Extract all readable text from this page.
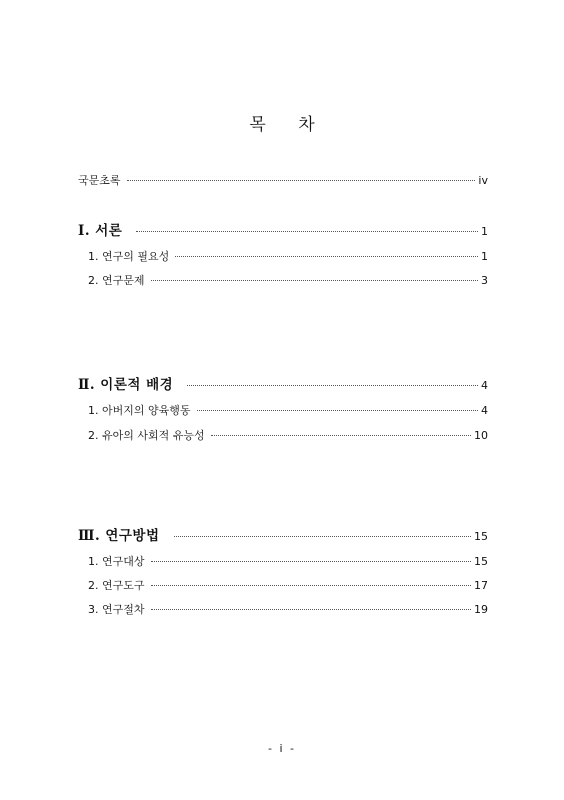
목      차
국문초록	iv
Ⅰ. 서론	1
1. 연구의 필요성	1
2. 연구문제	3
Ⅱ. 이론적 배경	4
1. 아버지의 양육행동	4
2. 유아의 사회적 유능성	10
Ⅲ. 연구방법	15
1. 연구대상	15
2. 연구도구	17
3. 연구절차	19
- i -
